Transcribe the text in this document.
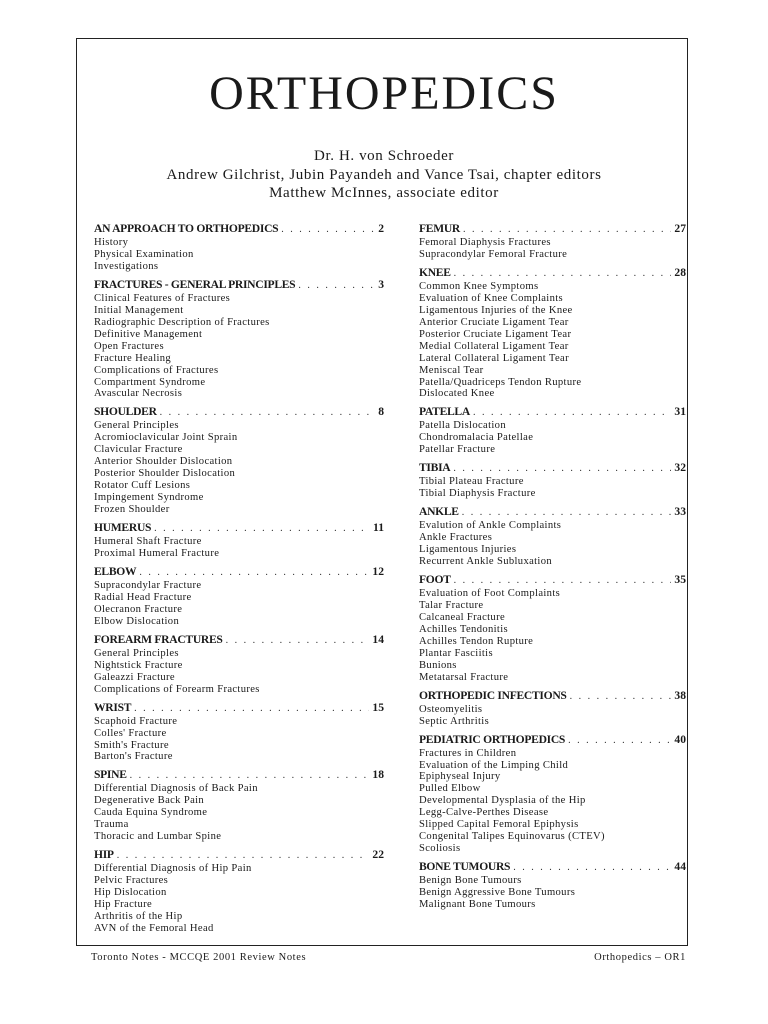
ORTHOPEDICS
Dr. H. von Schroeder
Andrew Gilchrist, Jubin Payandeh and Vance Tsai, chapter editors
Matthew McInnes, associate editor
AN APPROACH TO ORTHOPEDICS . . .	2
History
Physical Examination
Investigations
FRACTURES - GENERAL PRINCIPLES . . .	3
Clinical Features of Fractures
Initial Management
Radiographic Description of Fractures
Definitive Management
Open Fractures
Fracture Healing
Complications of Fractures
Compartment Syndrome
Avascular Necrosis
SHOULDER . . .	8
General Principles
Acromioclavicular Joint Sprain
Clavicular Fracture
Anterior Shoulder Dislocation
Posterior Shoulder Dislocation
Rotator Cuff Lesions
Impingement Syndrome
Frozen Shoulder
HUMERUS . . .	11
Humeral Shaft Fracture
Proximal Humeral Fracture
ELBOW . . .	12
Supracondylar Fracture
Radial Head Fracture
Olecranon Fracture
Elbow Dislocation
FOREARM FRACTURES . . .	14
General Principles
Nightstick Fracture
Galeazzi Fracture
Complications of Forearm Fractures
WRIST . . .	15
Scaphoid Fracture
Colles' Fracture
Smith's Fracture
Barton's Fracture
SPINE . . .	18
Differential Diagnosis of Back Pain
Degenerative Back Pain
Cauda Equina Syndrome
Trauma
Thoracic and Lumbar Spine
HIP . . .	22
Differential Diagnosis of Hip Pain
Pelvic Fractures
Hip Dislocation
Hip Fracture
Arthritis of the Hip
AVN of the Femoral Head
FEMUR . . .	27
Femoral Diaphysis Fractures
Supracondylar Femoral Fracture
KNEE . . .	28
Common Knee Symptoms
Evaluation of Knee Complaints
Ligamentous Injuries of the Knee
Anterior Cruciate Ligament Tear
Posterior Cruciate Ligament Tear
Medial Collateral Ligament Tear
Lateral Collateral Ligament Tear
Meniscal Tear
Patella/Quadriceps Tendon Rupture
Dislocated Knee
PATELLA . . .	31
Patella Dislocation
Chondromalacia Patellae
Patellar Fracture
TIBIA . . .	32
Tibial Plateau Fracture
Tibial Diaphysis Fracture
ANKLE . . .	33
Evalution of Ankle Complaints
Ankle Fractures
Ligamentous Injuries
Recurrent Ankle Subluxation
FOOT . . .	35
Evaluation of Foot Complaints
Talar Fracture
Calcaneal Fracture
Achilles Tendonitis
Achilles Tendon Rupture
Plantar Fasciitis
Bunions
Metatarsal Fracture
ORTHOPEDIC INFECTIONS . . .	38
Osteomyelitis
Septic Arthritis
PEDIATRIC ORTHOPEDICS . . .	40
Fractures in Children
Evaluation of the Limping Child
Epiphyseal Injury
Pulled Elbow
Developmental Dysplasia of the Hip
Legg-Calve-Perthes Disease
Slipped Capital Femoral Epiphysis
Congenital Talipes Equinovarus (CTEV)
Scoliosis
BONE TUMOURS . . .	44
Benign Bone Tumours
Benign Aggressive Bone Tumours
Malignant Bone Tumours
Toronto Notes - MCCQE 2001 Review Notes	Orthopedics – OR1
